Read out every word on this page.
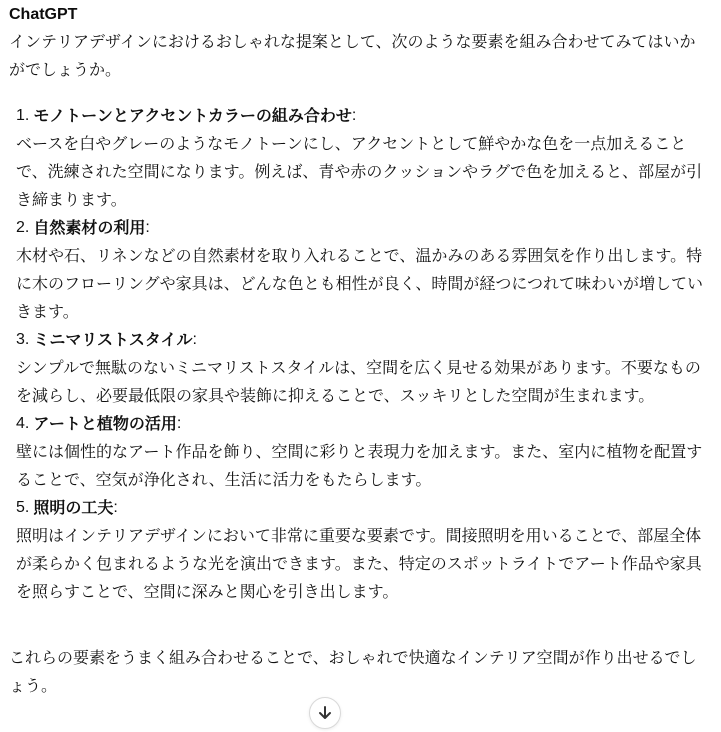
ChatGPT

インテリアデザインにおけるおしゃれな提案として、次のような要素を組み合わせてみてはいかがでしょうか。

1. モノトーンとアクセントカラーの組み合わせ :

ベースを白やグレーのようなモノトーンにし、アクセントとして鮮やかな色を一点加えることで、洗練された空間になります。例えば、青や赤のクッションやラグで色を加えると、部屋が引き締まります。

2. 自然素材の利用 :

木材や石、リネンなどの自然素材を取り入れることで、温かみのある雰囲気を作り出します。特に木のフローリングや家具は、どんな色とも相性が良く、時間が経つにつれて味わいが増していきます。

3. ミニマリストスタイル :

シンプルで無駄のないミニマリストスタイルは、空間を広く見せる効果があります。不要なものを減らし、必要最低限の家具や装飾に抑えることで、スッキリとした空間が生まれます。

4. アートと植物の活用 :

壁には個性的なアート作品を飾り、空間に彩りと表現力を加えます。また、室内に植物を配置することで、空気が浄化され、生活に活力をもたらします。

5. 照明の工夫 :

照明はインテリアデザインにおいて非常に重要な要素です。間接照明を用いることで、部屋全体が柔らかく包まれるような光を演出できます。また、特定のスポットライトでアート作品や家具を照らすことで、空間に深みと関心を引き出します。

これらの要素をうまく組み合わせることで、おしゃれで快適なインテリア空間が作り出せるでしょう。
